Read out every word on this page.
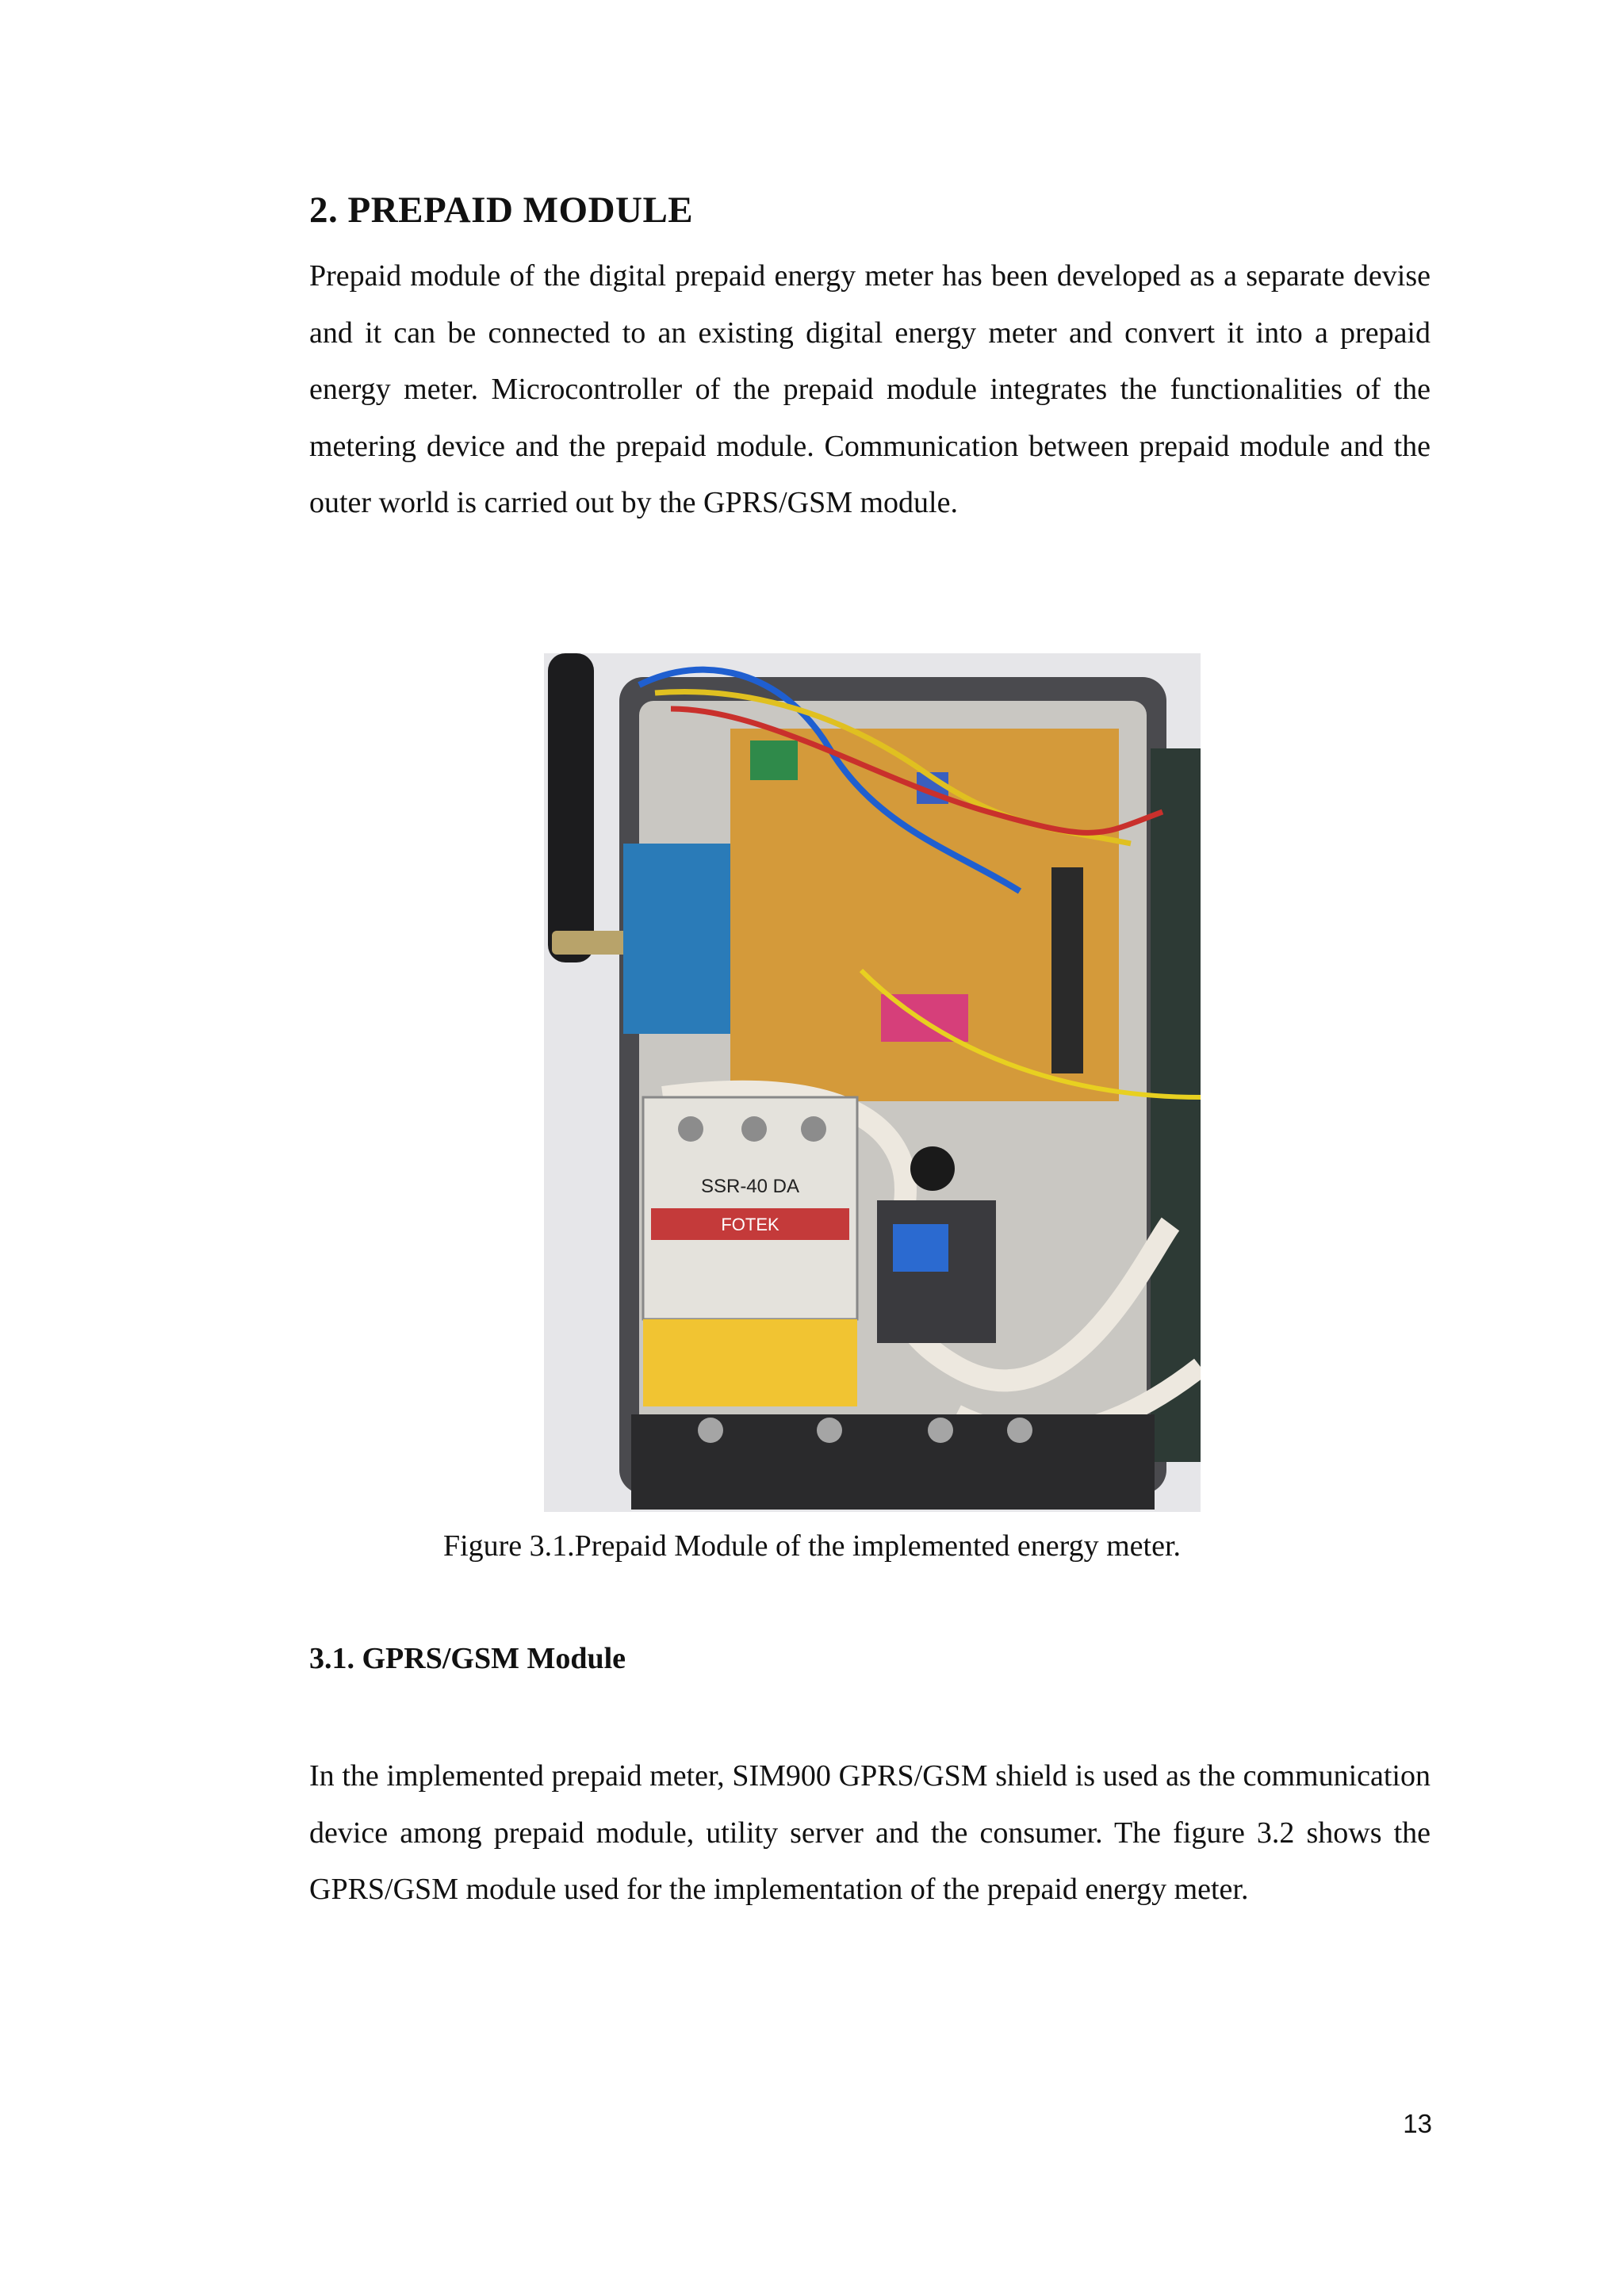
2. PREPAID MODULE

Prepaid module of the digital prepaid energy meter has been developed as a separate devise and it can be connected to an existing digital energy meter and convert it into a prepaid energy meter. Microcontroller of the prepaid module integrates the functionalities of the metering device and the prepaid module. Communication between prepaid module and the outer world is carried out by the GPRS/GSM module.

FOTEK
SSR-40 DA

Figure 3.1.Prepaid Module of the implemented energy meter.

3.1. GPRS/GSM Module

In the implemented prepaid meter, SIM900 GPRS/GSM shield is used as the communication device among prepaid module, utility server and the consumer. The figure 3.2 shows the GPRS/GSM module used for the implementation of the prepaid energy meter.

13
